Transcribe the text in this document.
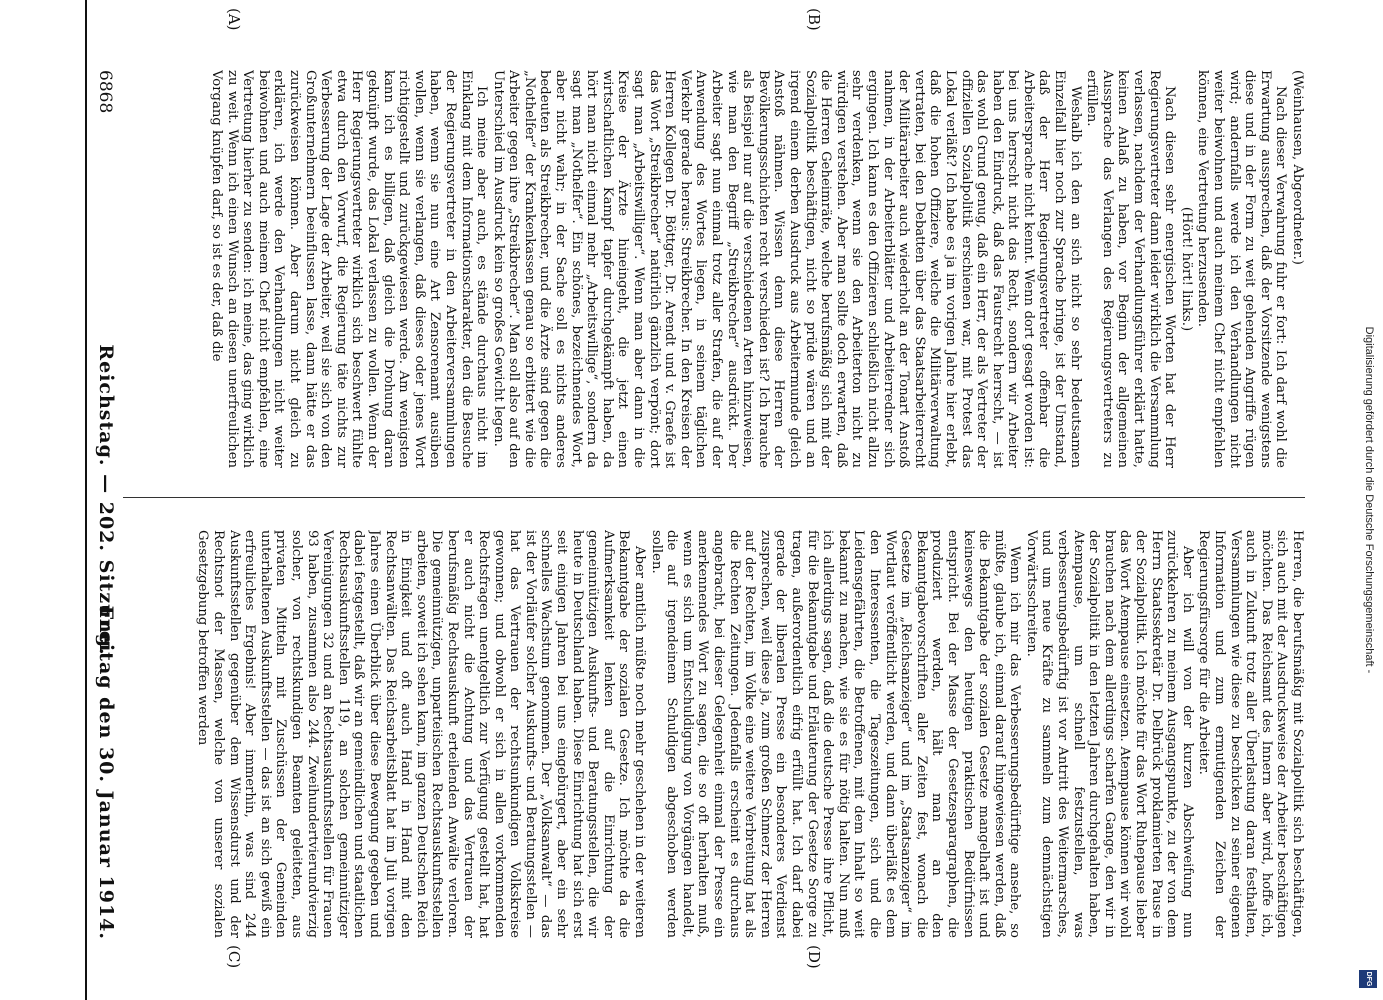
6868
Reichstag. — 202. Sitzung.
Freitag den 30. Januar 1914.
(A)	(B)
(C)	(D)

(Weinhausen, Abgeordneter.)

Nach dieser Verwahrung fuhr er fort: Ich darf wohl die Erwartung aussprechen, daß der Vorsitzende wenigstens diese und in der Form zu weit gehenden Angriffe rügen wird; andernfalls werde ich den Verhandlungen nicht weiter beiwohnen und auch meinem Chef nicht empfehlen können, eine Vertretung herzusenden.

(Hört! hört! links.)

Nach diesen sehr energischen Worten hat der Herr Regierungsvertreter dann leider wirklich die Versammlung verlassen, nachdem der Verhandlungsführer erklärt hatte, keinen Anlaß zu haben, vor Beginn der allgemeinen Aussprache das Verlangen des Regierungsvertreters zu erfüllen.

Weshalb ich den an sich nicht so sehr bedeutsamen Einzelfall hier noch zur Sprache bringe, ist der Umstand, daß der Herr Regierungsvertreter offenbar die Arbeitersprache nicht kennt. Wenn dort gesagt worden ist: bei uns herrscht nicht das Recht, sondern wir Arbeiter haben den Eindruck, daß das Faustrecht herrscht, — ist das wohl Grund genug, daß ein Herr, der als Vertreter der offiziellen Sozialpolitik erschienen war, mit Protest das Lokal verläßt? Ich habe es ja im vorigen Jahre hier erlebt, daß die hohen Offiziere, welche die Militärverwaltung vertraten, bei den Debatten über das Staatsarbeiterrecht der Militärarbeiter auch wiederholt an der Tonart Anstoß nahmen, in der Arbeiterblätter und Arbeiterredner sich ergingen. Ich kann es den Offizieren schließlich nicht allzu sehr verdenken, wenn sie den Arbeiterton nicht zu würdigen verstehen. Aber man sollte doch erwarten, daß die Herren Geheimräte, welche berufsmäßig sich mit der Sozialpolitik beschäftigen, nicht so prüde wären und an irgend einem derben Ausdruck aus Arbeitermunde gleich Anstoß nähmen. Wissen denn diese Herren der Bevölkerungsschichten recht verschieden ist? Ich brauche als Beispiel nur auf die verschiedenen Arten hinzuweisen, wie man den Begriff „Streikbrecher“ ausdrückt. Der Arbeiter sagt nun einmal trotz aller Strafen, die auf der Anwendung des Wortes liegen, in seinem täglichen Verkehr gerade heraus: Streikbrecher. In den Kreisen der Herren Kollegen Dr. Böttger, Dr. Arendt und v. Graefe ist das Wort „Streikbrecher“ natürlich gänzlich verpönt; dort sagt man „Arbeitswilliger“. Wenn man aber dann in die Kreise der Ärzte hineingeht, die jetzt einen wirtschaftlichen Kampf tapfer durchgekämpft haben, da hört man nicht einmal mehr „Arbeitswillige“, sondern da sagt man „Nothelfer“. Ein schönes, bezeichnendes Wort, aber nicht wahr; in der Sache soll es nichts anderes bedeuten als Streikbrecher, und die Ärzte sind gegen die „Nothelfer“ der Krankenkassen genau so erbittert wie die Arbeiter gegen ihre „Streikbrecher“. Man soll also auf den Unterschied im Ausdruck kein so großes Gewicht legen.

Ich meine aber auch, es stände durchaus nicht im Einklang mit dem Informationscharakter, den die Besuche der Regierungsvertreter in den Arbeiterversammlungen haben, wenn sie nun eine Art Zensorenamt ausüben wollen, wenn sie verlangen, daß dieses oder jenes Wort richtiggestellt und zurückgewiesen werde. Am wenigsten kann ich es billigen, daß gleich die Drohung daran geknüpft wurde, das Lokal verlassen zu wollen. Wenn der Herr Regierungsvertreter wirklich sich beschwert fühlte etwa durch den Vorwurf, die Regierung täte nichts zur Verbesserung der Lage der Arbeiter, weil sie sich von den Großunternehmern beeinflussen lasse, dann hätte er das zurückweisen können. Aber darum nicht gleich zu erklären, ich werde den Verhandlungen nicht weiter beiwohnen und auch meinem Chef nicht empfehlen, eine Vertretung hierher zu senden: ich meine, das ging wirklich zu weit. Wenn ich einen Wunsch an diesen unerfreulichen Vorgang knüpfen darf, so ist es der, daß die

Herren, die berufsmäßig mit Sozialpolitik sich beschäftigen, sich auch mit der Ausdrucksweise der Arbeiter beschäftigen möchten. Das Reichsamt des Innern aber wird, hoffe ich, auch in Zukunft trotz aller Überlastung daran festhalten, Versammlungen wie diese zu beschicken zu seiner eigenen Information und zum ermutigenden Zeichen der Regierungsfürsorge für die Arbeiter.

Aber ich will von der kurzen Abschweifung nun zurückkehren zu meinem Ausgangspunkte, zu der von dem Herrn Staatssekretär Dr. Delbrück proklamierten Pause in der Sozialpolitik. Ich möchte für das Wort Ruhepause lieber das Wort Atempause einsetzen. Atempause können wir wohl brauchen nach dem allerdings scharfen Gange, den wir in der Sozialpolitik in den letzten Jahren durchgehalten haben, Atempause, um schnell festzustellen, was verbesserungsbedürftig ist vor Antritt des Weitermarsches, und um neue Kräfte zu sammeln zum demnächstigen Vorwärtsschreiten.

Wenn ich mir das Verbesserungsbedürftige ansehe, so müßte, glaube ich, einmal darauf hingewiesen werden, daß die Bekanntgabe der sozialen Gesetze mangelhaft ist und keineswegs den heutigen praktischen Bedürfnissen entspricht. Bei der Masse der Gesetzesparagraphen, die produziert werden, hält man an den Bekanntgabevorschriften aller Zeiten fest, wonach die Gesetze im „Reichsanzeiger“ und im „Staatsanzeiger“ im Wortlaut veröffentlicht werden, und dann überläßt es dem den Interessenten, die Tageszeitungen, sich und die Leidensgefährten, die Betroffenen, mit dem Inhalt so weit bekannt zu machen, wie sie es für nötig halten. Nun muß ich allerdings sagen, daß die deutsche Presse ihre Pflicht, für die Bekanntgabe und Erläuterung der Gesetze Sorge zu tragen, außerordentlich eifrig erfüllt hat. Ich darf dabei gerade der liberalen Presse ein besonderes Verdienst zusprechen, weil diese ja, zum großen Schmerz der Herren auf der Rechten, im Volke eine weitere Verbreitung hat als die Rechten Zeitungen. Jedenfalls erscheint es durchaus angebracht, bei dieser Gelegenheit einmal der Presse ein anerkennendes Wort zu sagen, die so oft herhalten muß, wenn es sich um Entschuldigung von Vorgängen handelt, die auf irgendeinem Schuldigen abgeschoben werden sollen.

Aber amtlich müßte noch mehr geschehen in der weiteren Bekanntgabe der sozialen Gesetze. Ich möchte da die Aufmerksamkeit lenken auf die Einrichtung der gemeinnützigen Auskunfts- und Beratungsstellen, die wir heute in Deutschland haben. Diese Einrichtung hat sich erst seit einigen Jahren bei uns eingebürgert, aber ein sehr schnelles Wachstum genommen. Der „Volksanwalt“ — das ist der Vorläufer solcher Auskunfts- und Beratungsstellen — hat das Vertrauen der rechtsunkundigen Volkskreise gewonnen; und obwohl er sich in allen vorkommenden Rechtsfragen unentgeltlich zur Verfügung gestellt hat, hat er auch nicht die Achtung und das Vertrauen der berufsmäßig Rechtsauskunft erteilenden Anwälte verloren. Die gemeinnützigen, unparteiischen Rechtsauskunftsstellen arbeiten, soweit ich sehen kann, im ganzen Deutschen Reich in Einigkeit und oft auch Hand in Hand mit den Rechtsanwälten. Das Reichsarbeitsblatt hat im Juli vorigen Jahres einen Überblick über diese Bewegung gegeben und dabei festgestellt, daß wir an gemeindlichen und staatlichen Rechtsauskunftsstellen 119, an solchen gemeinnütziger Vereinigungen 32 und an Rechtsauskunftsstellen für Frauen 93 haben, zusammen also 244. Zweihundertvierundvierzig solcher, von rechtskundigen Beamten geleiteten, aus privaten Mitteln mit Zuschüssen der Gemeinden unterhaltenen Auskunftsstellen — das ist an sich gewiß ein erfreuliches Ergebnis! Aber immerhin, was sind 244 Auskunftsstellen gegenüber dem Wissensdurst und der Rechtsnot der Massen, welche von unserer sozialen Gesetzgebung betroffen werden	Digitalisierung gefördert durch die Deutsche Forschungsgemeinschaft -
DFG
